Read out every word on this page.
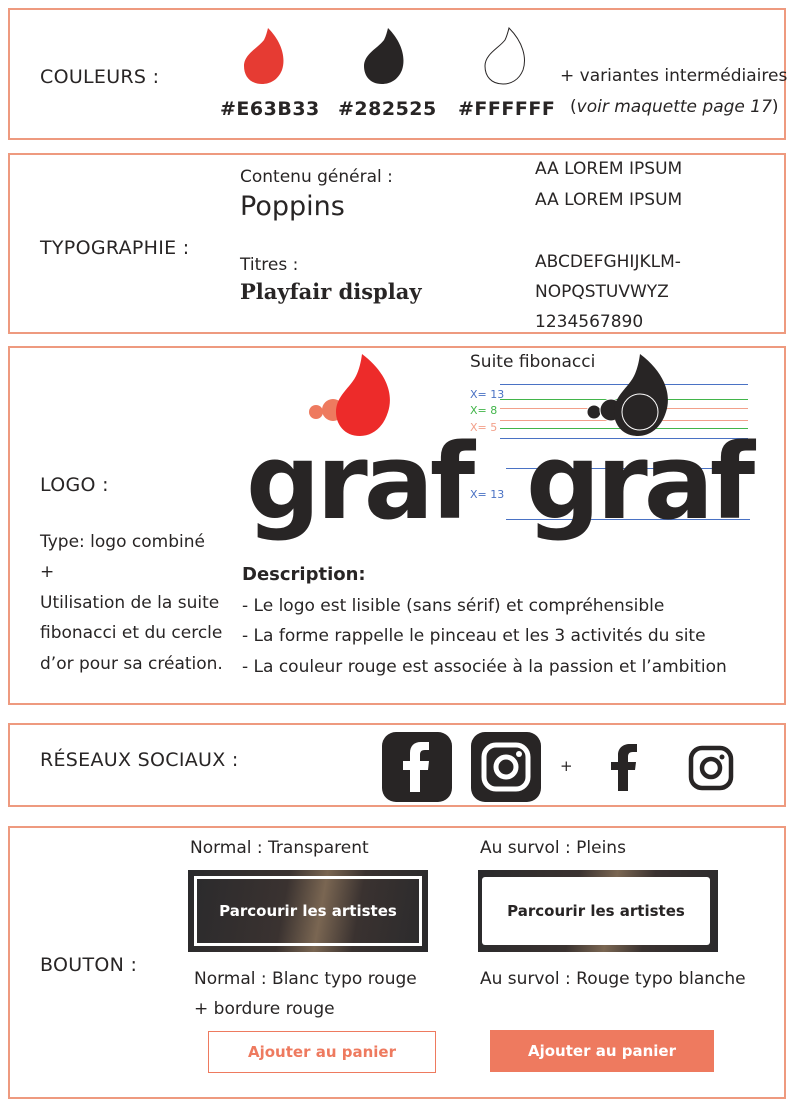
COULEURS :
#E63B33 #282525 #FFFFFF
+ variantes intermédiaires
(voir maquette page 17)
TYPOGRAPHIE :
Contenu général :
Poppins
Titres :
Playfair display
AA LOREM IPSUM
AA LOREM IPSUM
ABCDEFGHIJKLM-
NOPQSTUVWYZ
1234567890
LOGO : graf
Suite fibonacci
X= 13
X= 8
X= 5
X= 13 graf
Type: logo combiné
+
Utilisation de la suite
fibonacci et du cercle
d’or pour sa création.
Description:
- Le logo est lisible (sans sérif) et compréhensible
- La forme rappelle le pinceau et les 3 activités du site
- La couleur rouge est associée à la passion et l’ambition
RÉSEAUX SOCIAUX :	+
BOUTON :
Normal : Transparent	Au survol : Pleins
Parcourir les artistes	Parcourir les artistes
Normal : Blanc typo rouge
+ bordure rouge
Au survol : Rouge typo blanche
Ajouter au panier	Ajouter au panier
